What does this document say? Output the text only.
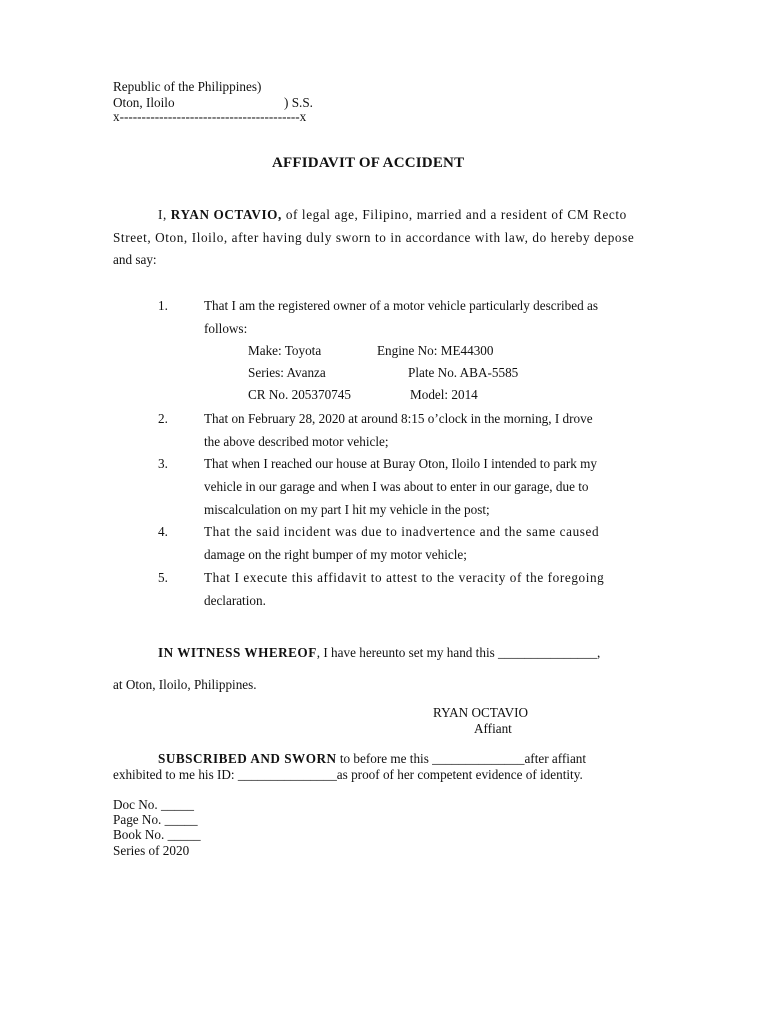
Republic of the Philippines)
Oton, Iloilo	) S.S.
x-----------------------------------------x
AFFIDAVIT OF ACCIDENT
I, RYAN OCTAVIO, of legal age, Filipino, married and a resident of CM Recto
Street, Oton, Iloilo, after having duly sworn to in accordance with law, do hereby depose
and say:
1.	That I am the registered owner of a motor vehicle particularly described as
follows:
Make: Toyota	Engine No: ME44300
Series: Avanza	Plate No. ABA-5585
CR No. 205370745	Model: 2014
2.	That on February 28, 2020 at around 8:15 o’clock in the morning, I drove
the above described motor vehicle;
3.	That when I reached our house at Buray Oton, Iloilo I intended to park my
vehicle in our garage and when I was about to enter in our garage, due to
miscalculation on my part I hit my vehicle in the post;
4.	That the said incident was due to inadvertence and the same caused
damage on the right bumper of my motor vehicle;
5.	That I execute this affidavit to attest to the veracity of the foregoing
declaration.
IN WITNESS WHEREOF, I have hereunto set my hand this _______________,
at Oton, Iloilo, Philippines.
RYAN OCTAVIO
Affiant
SUBSCRIBED AND SWORN to before me this ______________after affiant
exhibited to me his ID: _______________as proof of her competent evidence of identity.
Doc No. _____
Page No. _____
Book No. _____
Series of 2020
